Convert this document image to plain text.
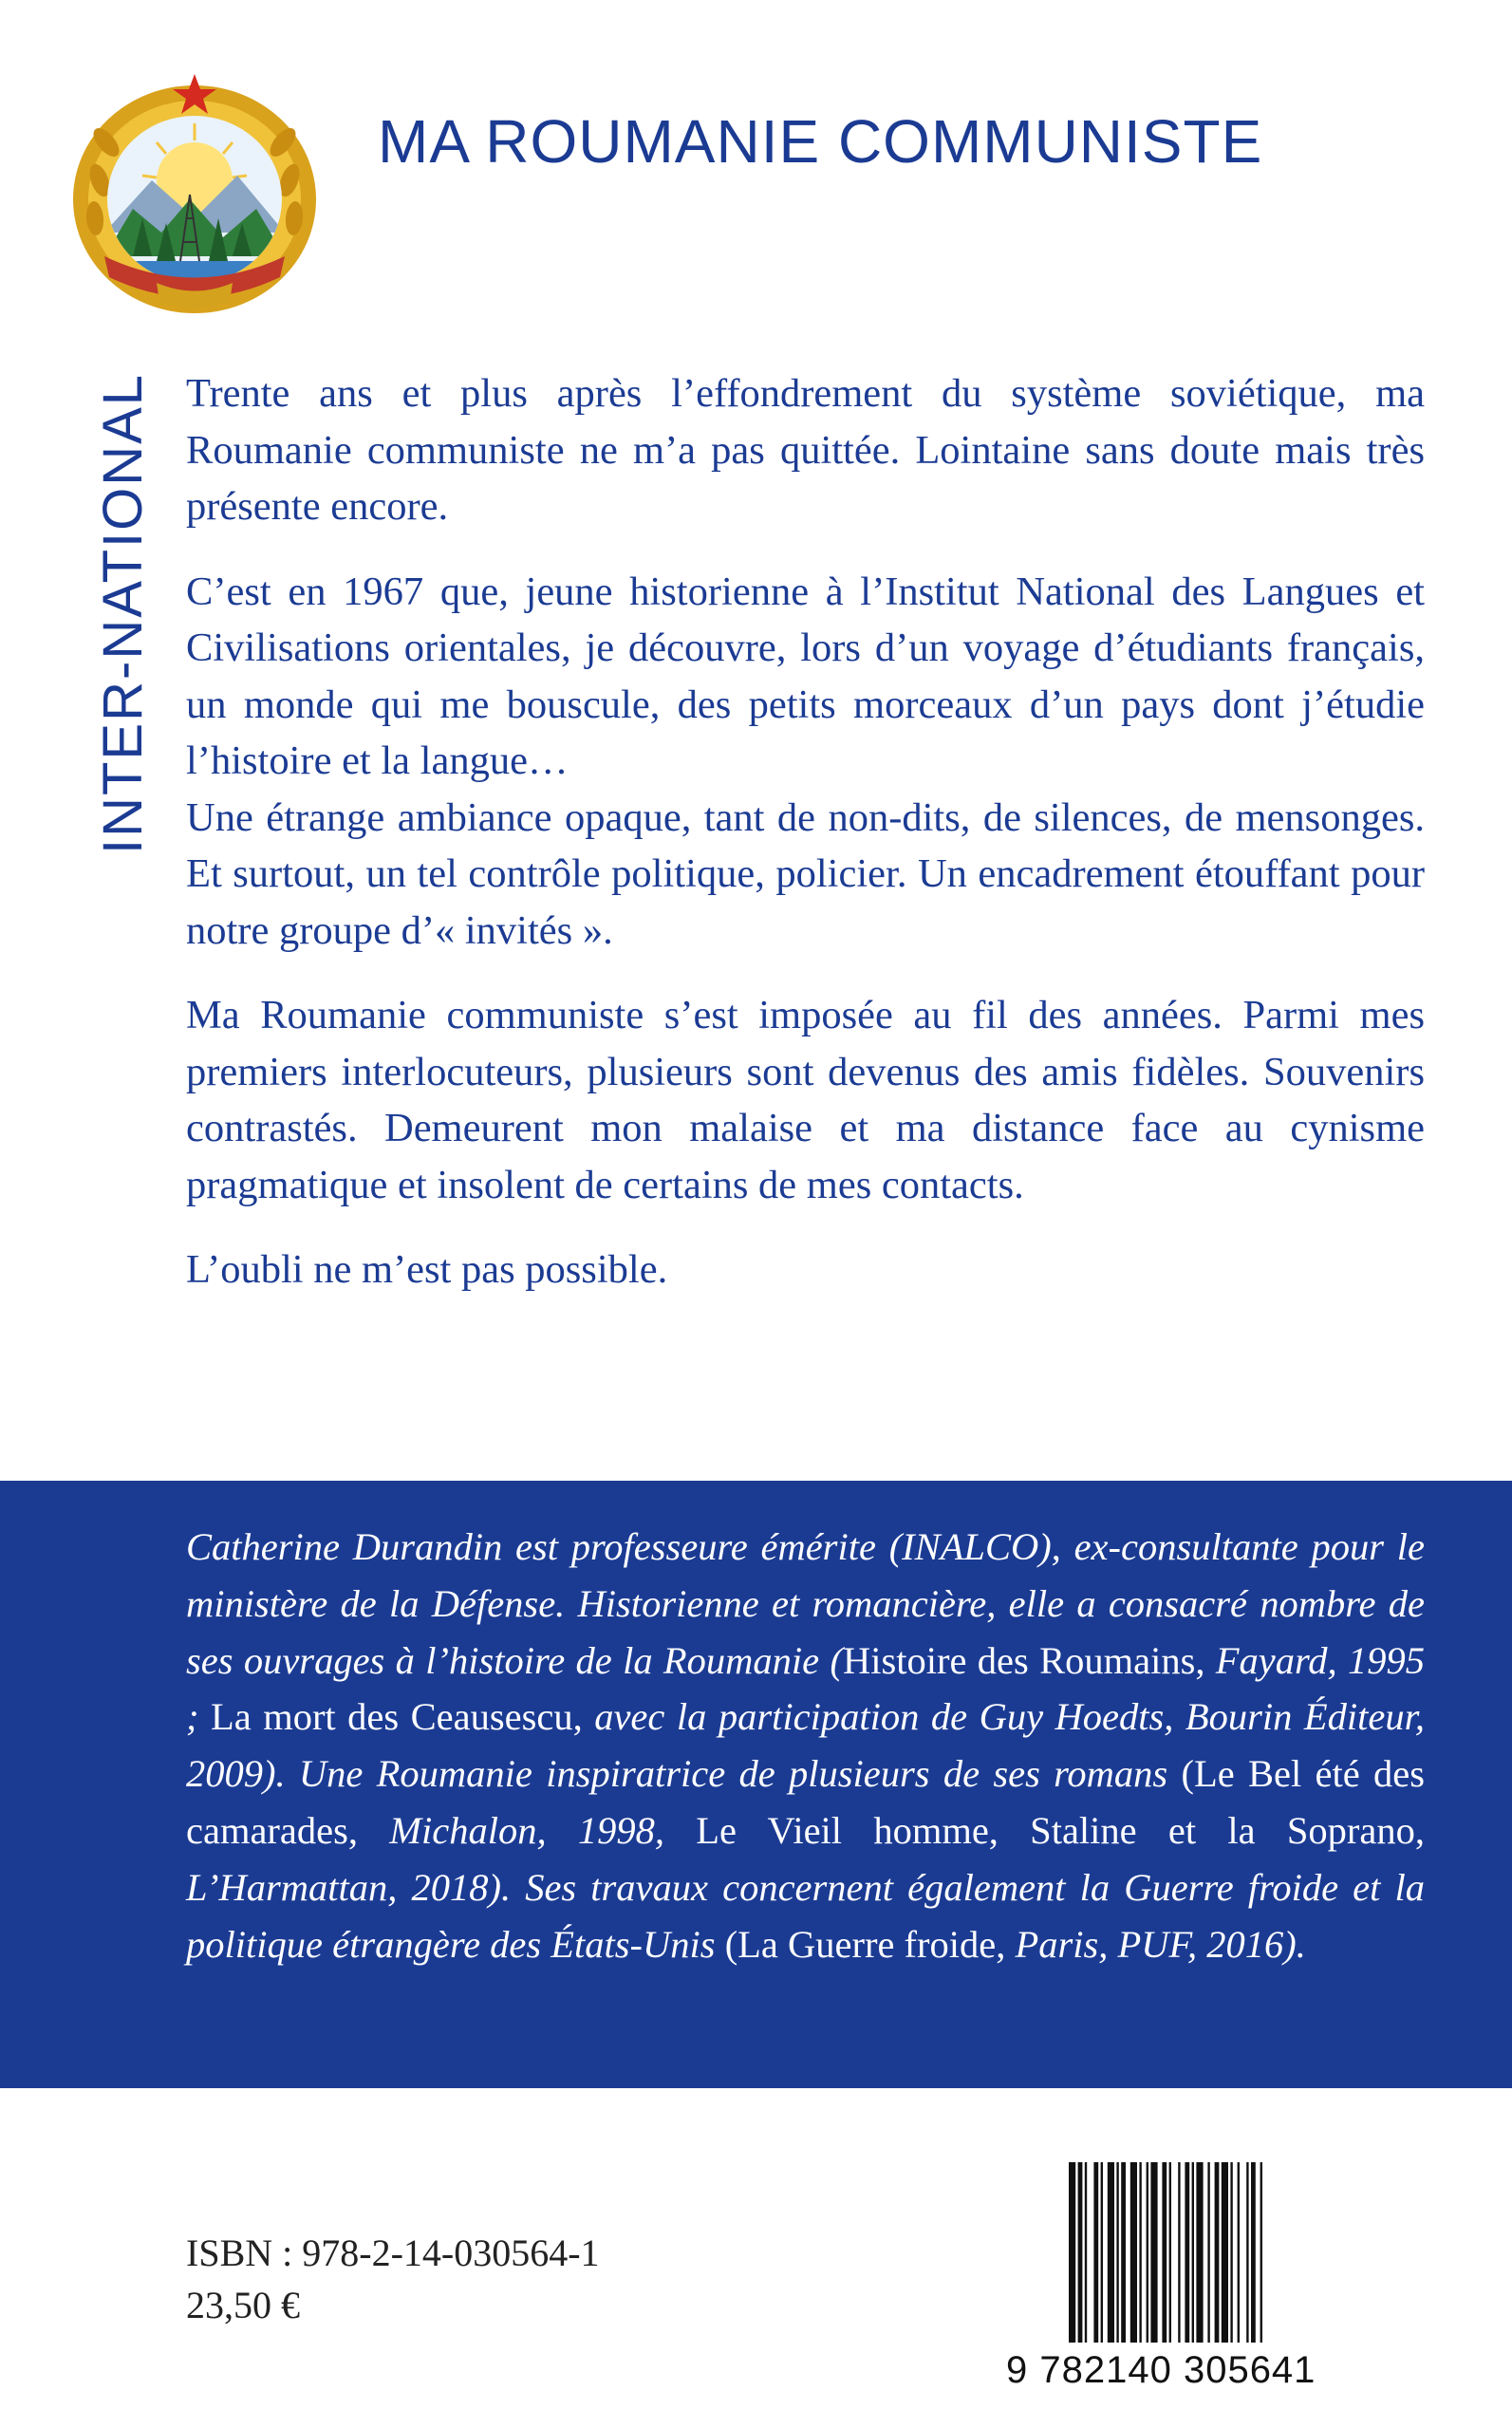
MA ROUMANIE COMMUNISTE
INTER-NATIONAL Trente ans et plus après l’effondrement du système soviétique, ma Roumanie communiste ne m’a pas quittée. Lointaine sans doute mais très présente encore.

C’est en 1967 que, jeune historienne à l’Institut National des Langues et Civilisations orientales, je découvre, lors d’un voyage d’étudiants français, un monde qui me bouscule, des petits morceaux d’un pays dont j’étudie l’histoire et la langue…

Une étrange ambiance opaque, tant de non-dits, de silences, de mensonges. Et surtout, un tel contrôle politique, policier. Un encadrement étouffant pour notre groupe d’« invités ».

Ma Roumanie communiste s’est imposée au fil des années. Parmi mes premiers interlocuteurs, plusieurs sont devenus des amis fidèles. Souvenirs contrastés. Demeurent mon malaise et ma distance face au cynisme pragmatique et insolent de certains de mes contacts.

L’oubli ne m’est pas possible.

Catherine Durandin est professeure émérite (INALCO), ex-consultante pour le ministère de la Défense. Historienne et romancière, elle a consacré nombre de ses ouvrages à l’histoire de la Roumanie (Histoire des Roumains, Fayard, 1995 ; La mort des Ceausescu, avec la participation de Guy Hoedts, Bourin Éditeur, 2009). Une Roumanie inspiratrice de plusieurs de ses romans (Le Bel été des camarades, Michalon, 1998, Le Vieil homme, Staline et la Soprano, L’Harmattan, 2018). Ses travaux concernent également la Guerre froide et la politique étrangère des États-Unis (La Guerre froide, Paris, PUF, 2016).

ISBN : 978-2-14-030564-1

23,50 €

9 782140 305641
